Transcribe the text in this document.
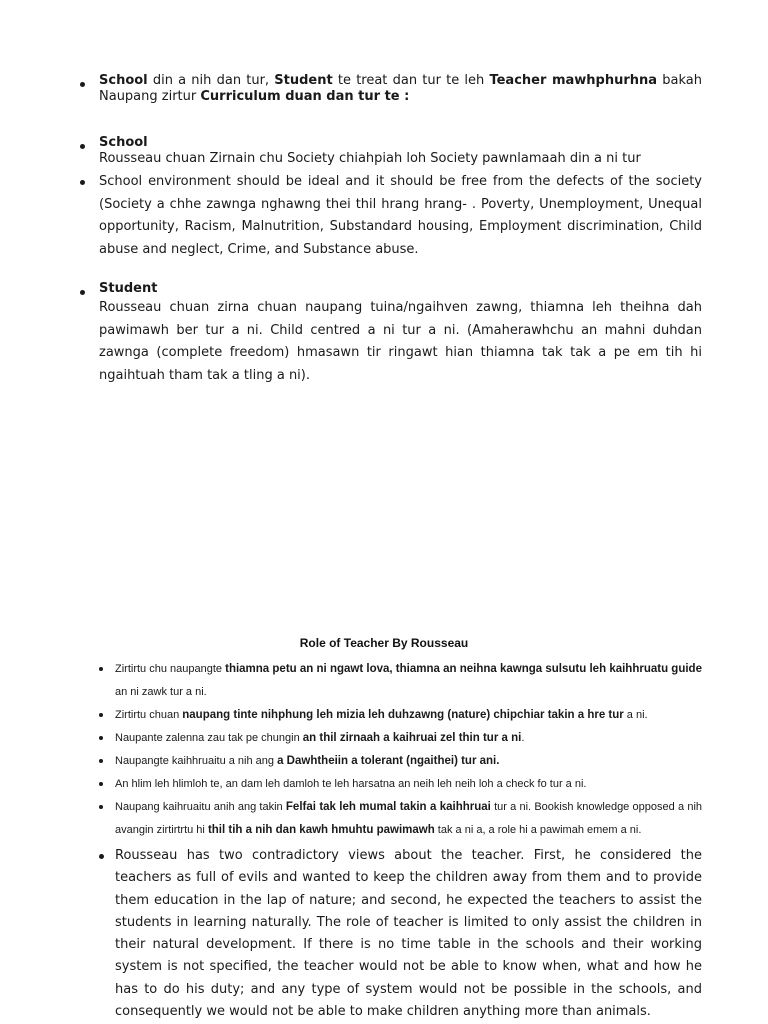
School din a nih dan tur, Student te treat dan tur te leh Teacher mawhphurhna bakah Naupang zirtur Curriculum duan dan tur te :
School
Rousseau chuan Zirnain chu Society chiahpiah loh Society pawnlamaah din a ni tur
School environment should be ideal and it should be free from the defects of the society (Society a chhe zawnga nghawng thei thil hrang hrang- . Poverty, Unemployment, Unequal opportunity, Racism, Malnutrition, Substandard housing, Employment discrimination, Child abuse and neglect, Crime, and Substance abuse.
Student
Rousseau chuan zirna chuan naupang tuina/ngaihven zawng, thiamna leh theihna dah pawimawh ber tur a ni. Child centred a ni tur a ni. (Amaherawhchu an mahni duhdan zawnga (complete freedom) hmasawn tir ringawt hian thiamna tak tak a pe em tih hi ngaihtuah tham tak a tling a ni).
Role of Teacher By Rousseau
Zirtirtu chu naupangte thiamna petu an ni ngawt lova, thiamna an neihna kawnga sulsutu leh kaihhruatu guide an ni zawk tur a ni.
Zirtirtu chuan naupang tinte nihphung leh mizia leh duhzawng (nature) chipchiar takin a hre tur a ni.
Naupante zalenna zau tak pe chungin an thil zirnaah a kaihruai zel thin tur a ni.
Naupangte kaihhruaitu a nih ang a Dawhtheiin a tolerant (ngaithei) tur ani.
An hlim leh hlimloh te, an dam leh damloh te leh harsatna an neih leh neih loh a check fo tur a ni.
Naupang kaihruaitu anih ang takin Felfai tak leh mumal takin a kaihhruai tur a ni. Bookish knowledge opposed a nih avangin zirtirtrtu hi thil tih a nih dan kawh hmuhtu pawimawh tak a ni a, a role hi a pawimah emem a ni.
Rousseau has two contradictory views about the teacher. First, he considered the teachers as full of evils and wanted to keep the children away from them and to provide them education in the lap of nature; and second, he expected the teachers to assist the students in learning naturally. The role of teacher is limited to only assist the children in their natural development. If there is no time table in the schools and their working system is not specified, the teacher would not be able to know when, what and how he has to do his duty; and any type of system would not be possible in the schools, and consequently we would not be able to make children anything more than animals.
